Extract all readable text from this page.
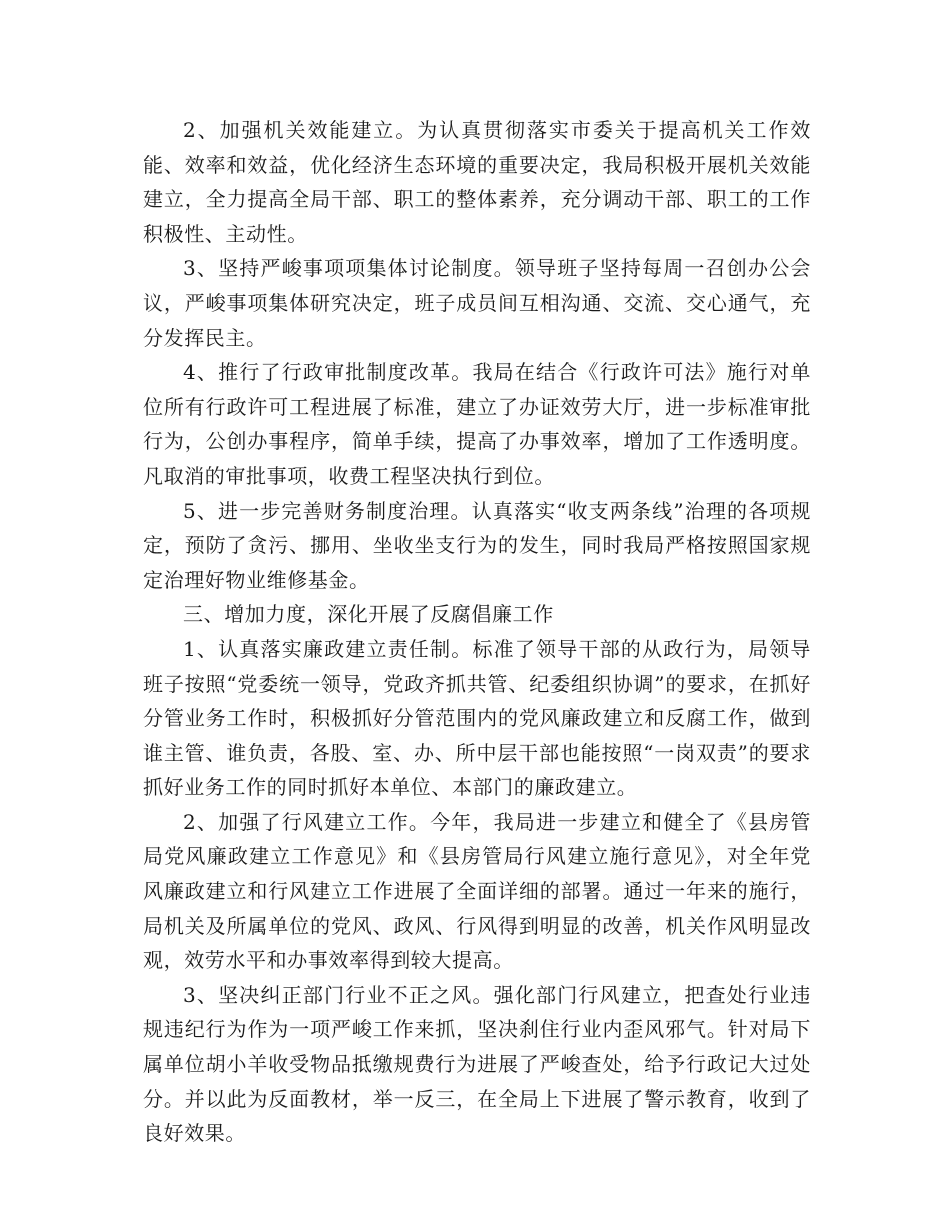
2、加强机关效能建立。为认真贯彻落实市委关于提高机关工作效能、效率和效益，优化经济生态环境的重要决定，我局积极开展机关效能建立，全力提高全局干部、职工的整体素养，充分调动干部、职工的工作积极性、主动性。

3、坚持严峻事项项集体讨论制度。领导班子坚持每周一召创办公会议，严峻事项集体研究决定，班子成员间互相沟通、交流、交心通气，充分发挥民主。

4、推行了行政审批制度改革。我局在结合《行政许可法》施行对单位所有行政许可工程进展了标准，建立了办证效劳大厅，进一步标准审批行为，公创办事程序，简单手续，提高了办事效率，增加了工作透明度。凡取消的审批事项，收费工程坚决执行到位。

5、进一步完善财务制度治理。认真落实“收支两条线”治理的各项规定，预防了贪污、挪用、坐收坐支行为的发生，同时我局严格按照国家规定治理好物业维修基金。

三、增加力度，深化开展了反腐倡廉工作

1、认真落实廉政建立责任制。标准了领导干部的从政行为，局领导班子按照“党委统一领导，党政齐抓共管、纪委组织协调”的要求，在抓好分管业务工作时，积极抓好分管范围内的党风廉政建立和反腐工作，做到谁主管、谁负责，各股、室、办、所中层干部也能按照“一岗双责”的要求抓好业务工作的同时抓好本单位、本部门的廉政建立。

2、加强了行风建立工作。今年，我局进一步建立和健全了《县房管局党风廉政建立工作意见》和《县房管局行风建立施行意见》，对全年党风廉政建立和行风建立工作进展了全面详细的部署。通过一年来的施行，局机关及所属单位的党风、政风、行风得到明显的改善，机关作风明显改观，效劳水平和办事效率得到较大提高。

3、坚决纠正部门行业不正之风。强化部门行风建立，把查处行业违规违纪行为作为一项严峻工作来抓，坚决刹住行业内歪风邪气。针对局下属单位胡小羊收受物品抵缴规费行为进展了严峻查处，给予行政记大过处分。并以此为反面教材，举一反三，在全局上下进展了警示教育，收到了良好效果。
